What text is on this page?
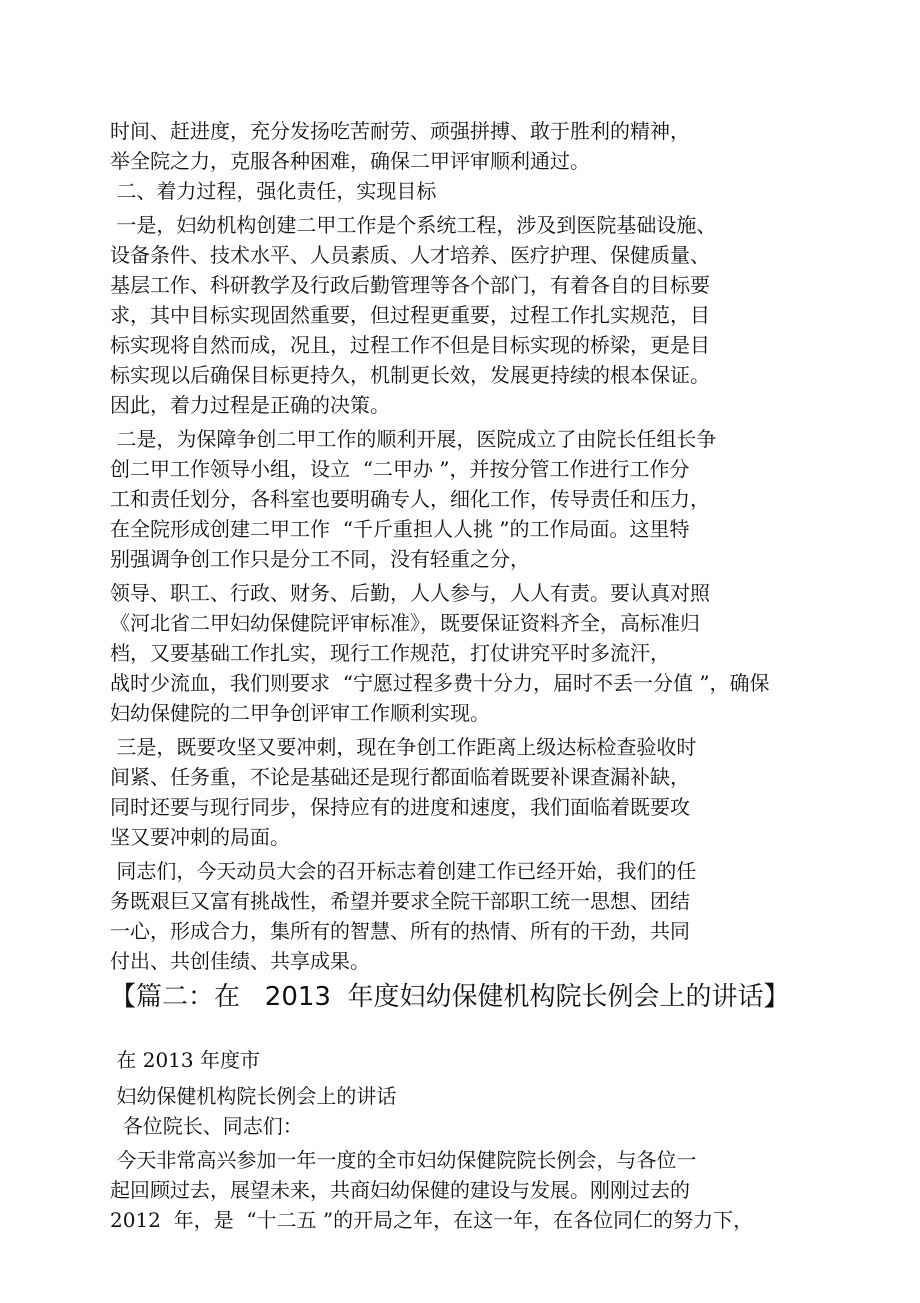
时间、赶进度，充分发扬吃苦耐劳、顽强拼搏、敢于胜利的精神，

举全院之力，克服各种困难，确保二甲评审顺利通过。

二、着力过程，强化责任，实现目标

一是，妇幼机构创建二甲工作是个系统工程，涉及到医院基础设施、

设备条件、技术水平、人员素质、人才培养、医疗护理、保健质量、

基层工作、科研教学及行政后勤管理等各个部门，有着各自的目标要

求，其中目标实现固然重要，但过程更重要，过程工作扎实规范，目

标实现将自然而成，况且，过程工作不但是目标实现的桥梁，更是目

标实现以后确保目标更持久，机制更长效，发展更持续的根本保证。

因此，着力过程是正确的决策。

二是，为保障争创二甲工作的顺利开展，医院成立了由院长任组长争

创二甲工作领导小组，设立  “二甲办 ”，并按分管工作进行工作分

工和责任划分，各科室也要明确专人，细化工作，传导责任和压力，

在全院形成创建二甲工作  “千斤重担人人挑 ”的工作局面。这里特

别强调争创工作只是分工不同，没有轻重之分，

领导、职工、行政、财务、后勤，人人参与，人人有责。要认真对照

《河北省二甲妇幼保健院评审标准》，既要保证资料齐全，高标准归

档，又要基础工作扎实，现行工作规范，打仗讲究平时多流汗，

战时少流血，我们则要求  “宁愿过程多费十分力，届时不丢一分值 ”，确保

妇幼保健院的二甲争创评审工作顺利实现。

三是，既要攻坚又要冲刺，现在争创工作距离上级达标检查验收时

间紧、任务重，不论是基础还是现行都面临着既要补课查漏补缺，

同时还要与现行同步，保持应有的进度和速度，我们面临着既要攻

坚又要冲刺的局面。

同志们，今天动员大会的召开标志着创建工作已经开始，我们的任

务既艰巨又富有挑战性，希望并要求全院干部职工统一思想、团结

一心，形成合力，集所有的智慧、所有的热情、所有的干劲，共同

付出、共创佳绩、共享成果。

【篇二：在   2013  年度妇幼保健机构院长例会上的讲话】

在 2013 年度市

妇幼保健机构院长例会上的讲话

各位院长、同志们：

今天非常高兴参加一年一度的全市妇幼保健院院长例会，与各位一

起回顾过去，展望未来，共商妇幼保健的建设与发展。刚刚过去的

2012  年，是  “十二五 ”的开局之年，在这一年，在各位同仁的努力下，
